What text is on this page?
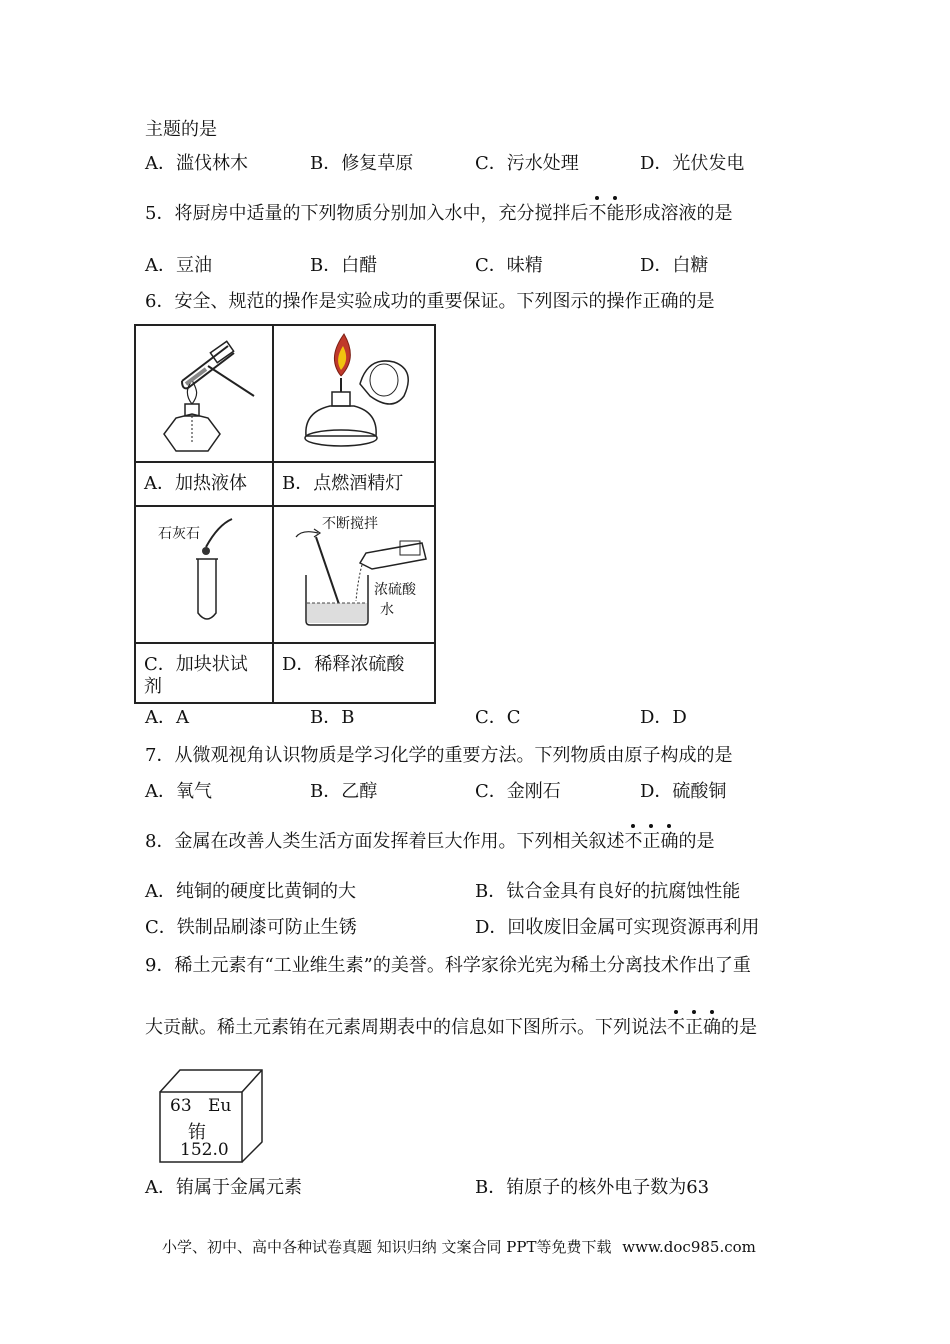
主题的是
A．滥伐林木	B．修复草原	C．污水处理	D．光伏发电
5．将厨房中适量的下列物质分别加入水中，充分搅拌后不能形成溶液的是
A．豆油	B．白醋	C．味精	D．白糖
6．安全、规范的操作是实验成功的重要保证。下列图示的操作正确的是

A．加热液体	B．点燃酒精灯

石灰石	不断搅拌
浓硫酸
水

C．加块状试剂	D．稀释浓硫酸
A．A	B．B	C．C	D．D
7．从微观视角认识物质是学习化学的重要方法。下列物质由原子构成的是
A．氧气	B．乙醇	C．金刚石	D．硫酸铜
8．金属在改善人类生活方面发挥着巨大作用。下列相关叙述不正确的是
A．纯铜的硬度比黄铜的大	B．钛合金具有良好的抗腐蚀性能
C．铁制品刷漆可防止生锈	D．回收废旧金属可实现资源再利用
9．稀土元素有“工业维生素”的美誉。科学家徐光宪为稀土分离技术作出了重
大贡献。稀土元素铕在元素周期表中的信息如下图所示。下列说法不正确的是
63 Eu
铕
152.0
A．铕属于金属元素	B．铕原子的核外电子数为63
小学、初中、高中各种试卷真题 知识归纳 文案合同 PPT等免费下载 www.doc985.com
